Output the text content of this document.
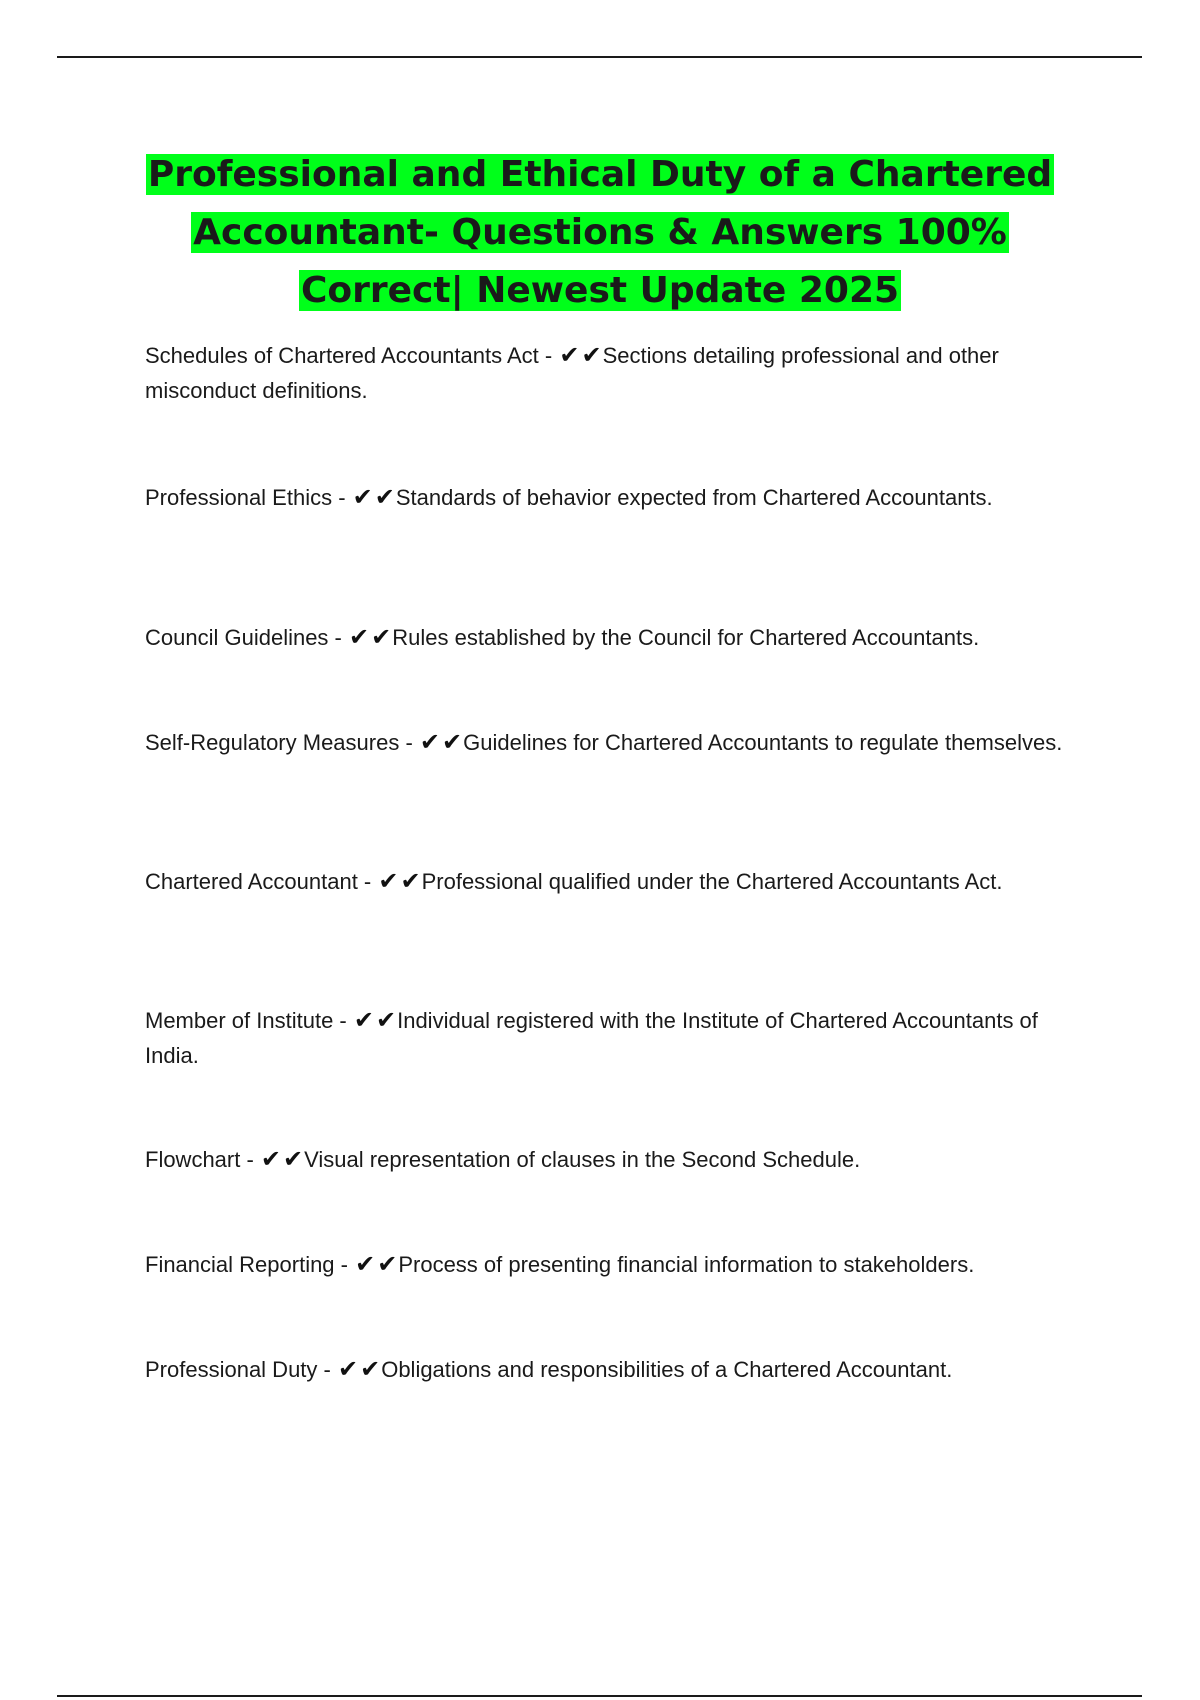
Professional and Ethical Duty of a Chartered Accountant- Questions & Answers 100% Correct| Newest Update 2025
Schedules of Chartered Accountants Act - ✔✔Sections detailing professional and other misconduct definitions.
Professional Ethics - ✔✔Standards of behavior expected from Chartered Accountants.
Council Guidelines - ✔✔Rules established by the Council for Chartered Accountants.
Self-Regulatory Measures - ✔✔Guidelines for Chartered Accountants to regulate themselves.
Chartered Accountant - ✔✔Professional qualified under the Chartered Accountants Act.
Member of Institute - ✔✔Individual registered with the Institute of Chartered Accountants of India.
Flowchart - ✔✔Visual representation of clauses in the Second Schedule.
Financial Reporting - ✔✔Process of presenting financial information to stakeholders.
Professional Duty - ✔✔Obligations and responsibilities of a Chartered Accountant.
